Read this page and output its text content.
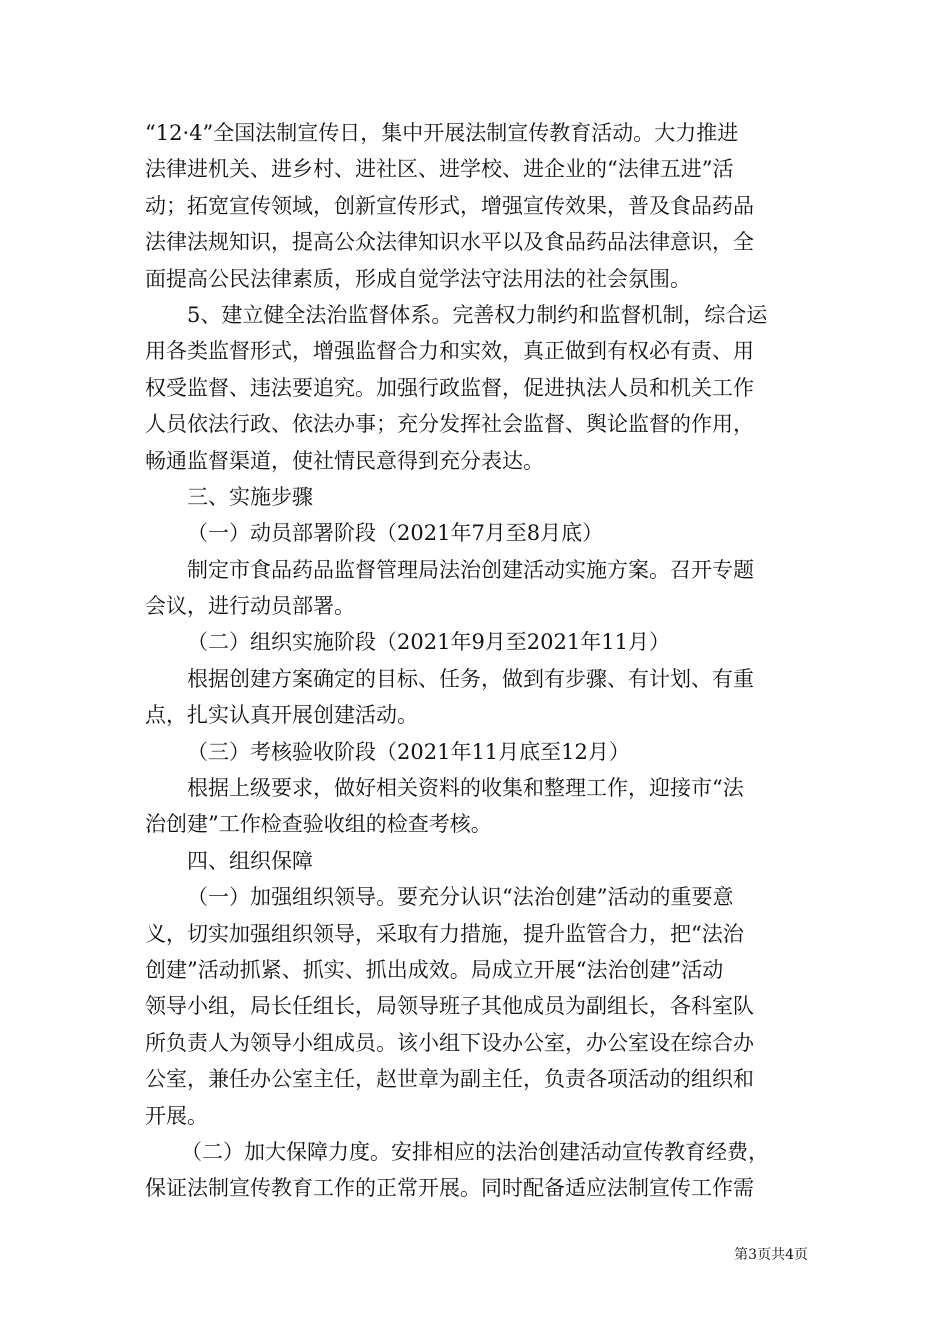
“12·4”全国法制宣传日，集中开展法制宣传教育活动。大力推进
法律进机关、进乡村、进社区、进学校、进企业的“法律五进”活
动；拓宽宣传领域，创新宣传形式，增强宣传效果，普及食品药品
法律法规知识，提高公众法律知识水平以及食品药品法律意识，全
面提高公民法律素质，形成自觉学法守法用法的社会氛围。
5、建立健全法治监督体系。完善权力制约和监督机制，综合运
用各类监督形式，增强监督合力和实效，真正做到有权必有责、用
权受监督、违法要追究。加强行政监督，促进执法人员和机关工作
人员依法行政、依法办事；充分发挥社会监督、舆论监督的作用，
畅通监督渠道，使社情民意得到充分表达。
三、实施步骤
（一）动员部署阶段（2021年7月至8月底）
制定市食品药品监督管理局法治创建活动实施方案。召开专题
会议，进行动员部署。
（二）组织实施阶段（2021年9月至2021年11月）
根据创建方案确定的目标、任务，做到有步骤、有计划、有重
点，扎实认真开展创建活动。
（三）考核验收阶段（2021年11月底至12月）
根据上级要求，做好相关资料的收集和整理工作，迎接市“法
治创建”工作检查验收组的检查考核。
四、组织保障
（一）加强组织领导。要充分认识“法治创建”活动的重要意
义，切实加强组织领导，采取有力措施，提升监管合力，把“法治
创建”活动抓紧、抓实、抓出成效。局成立开展“法治创建”活动
领导小组，局长任组长，局领导班子其他成员为副组长，各科室队
所负责人为领导小组成员。该小组下设办公室，办公室设在综合办
公室，兼任办公室主任，赵世章为副主任，负责各项活动的组织和
开展。
（二）加大保障力度。安排相应的法治创建活动宣传教育经费，
保证法制宣传教育工作的正常开展。同时配备适应法制宣传工作需
第3页共4页
